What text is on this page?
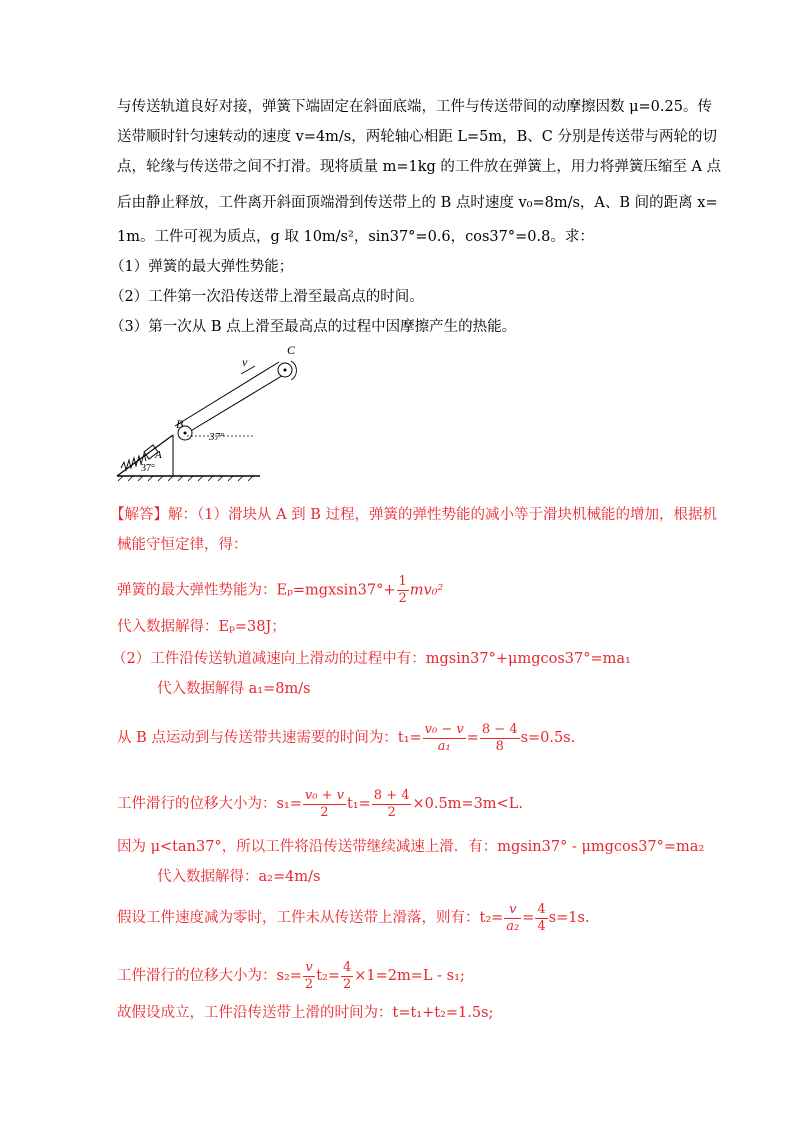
与传送轨道良好对接，弹簧下端固定在斜面底端，工件与传送带间的动摩擦因数 μ=0.25。传
送带顺时针匀速转动的速度 v=4m/s，两轮轴心相距 L=5m，B、C 分别是传送带与两轮的切
点，轮缘与传送带之间不打滑。现将质量 m=1kg 的工件放在弹簧上，用力将弹簧压缩至 A 点
后由静止释放，工件离开斜面顶端滑到传送带上的 B 点时速度 v₀=8m/s，A、B 间的距离 x=
1m。工件可视为质点，g 取 10m/s²，sin37°=0.6，cos37°=0.8。求：
（1）弹簧的最大弹性势能；
（2）工件第一次沿传送带上滑至最高点的时间。
（3）第一次从 B 点上滑至最高点的过程中因摩擦产生的热能。
C
v
B
A
37°
37°
【解答】解：（1）滑块从 A 到 B 过程，弹簧的弹性势能的减小等于滑块机械能的增加，根据机
械能守恒定律，得：
弹簧的最大弹性势能为：$E_p=mgxsin37^\circ+ \frac{1}{2} mv_0^2$
代入数据解得：Eₚ=38J；
（2）工件沿传送轨道减速向上滑动的过程中有：mgsin37°+μmgcos37°=ma₁
代入数据解得 a₁=8m/s
从 B 点运动到与传送带共速需要的时间为：$t_1= \frac{\text{v₀ − v}}{\text{a₁}} = \frac{8 - 4}{8} s=0.5s$.
工件滑行的位移大小为：$s_1= \frac{\text{v₀ + v}}{2} t_1= \frac{8 + 4}{2} \times 0.5m=3m<L$.
因为 μ<tan37°，所以工件将沿传送带继续减速上滑．有：mgsin37° - μmgcos37°=ma₂
代入数据解得：a₂=4m/s
假设工件速度减为零时，工件未从传送带上滑落，则有：$t_2= \frac{v}{\text{a₂}} = \frac{4}{4} s=1s$.
工件滑行的位移大小为：$s_2= \frac{v}{2} t_2= \frac{4}{2} \times 1=2m=L - s_1$;
故假设成立，工件沿传送带上滑的时间为：t=t₁+t₂=1.5s;
